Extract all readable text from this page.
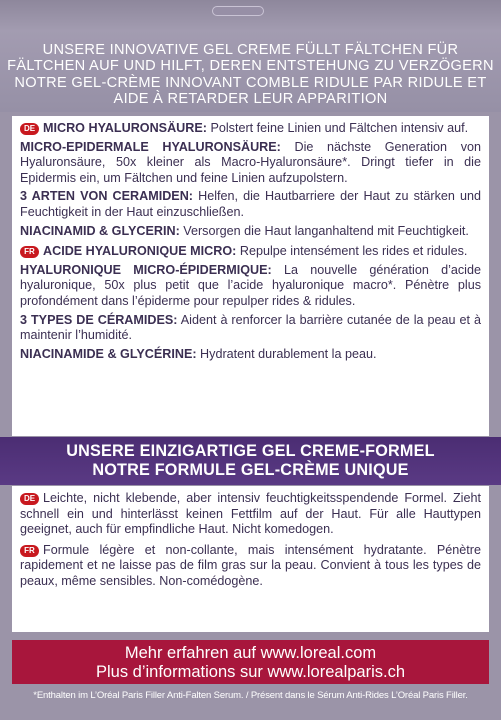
UNSERE INNOVATIVE GEL CREME FÜLLT FÄLTCHEN FÜR
FÄLTCHEN AUF UND HILFT, DEREN ENTSTEHUNG ZU VERZÖGERN
NOTRE GEL-CRÈME INNOVANT COMBLE RIDULE PAR RIDULE ET
AIDE À RETARDER LEUR APPARITION

DE MICRO HYALURONSÄURE: Polstert feine Linien und Fältchen intensiv auf.

MICRO-EPIDERMALE HYALURONSÄURE: Die nächste Generation von Hyaluronsäure, 50x kleiner als Macro-Hyaluronsäure*. Dringt tiefer in die Epidermis ein, um Fältchen und feine Linien aufzupolstern.

3 ARTEN VON CERAMIDEN: Helfen, die Hautbarriere der Haut zu stärken und Feuchtigkeit in der Haut einzuschließen.

NIACINAMID & GLYCERIN: Versorgen die Haut langanhaltend mit Feuchtigkeit.

FR ACIDE HYALURONIQUE MICRO: Repulpe intensément les rides et ridules.

HYALURONIQUE MICRO-ÉPIDERMIQUE: La nouvelle génération d’acide hyaluronique, 50x plus petit que l’acide hyaluronique macro*. Pénètre plus profondément dans l’épiderme pour repulper rides & ridules.

3 TYPES DE CÉRAMIDES: Aident à renforcer la barrière cutanée de la peau et à maintenir l’humidité.

NIACINAMIDE & GLYCÉRINE: Hydratent durablement la peau.

UNSERE EINZIGARTIGE GEL CREME-FORMEL
NOTRE FORMULE GEL-CRÈME UNIQUE

DE Leichte, nicht klebende, aber intensiv feuchtigkeitsspendende Formel. Zieht schnell ein und hinterlässt keinen Fettfilm auf der Haut. Für alle Hauttypen geeignet, auch für empfindliche Haut. Nicht komedogen.

FR Formule légère et non-collante, mais intensément hydratante. Pénètre rapidement et ne laisse pas de film gras sur la peau. Convient à tous les types de peaux, même sensibles. Non-comédogène.

Mehr erfahren auf www.loreal.com
Plus d’informations sur www.lorealparis.ch
*Enthalten im L’Oréal Paris Filler Anti-Falten Serum. / Présent dans le Sérum Anti-Rides L’Oréal Paris Filler.
